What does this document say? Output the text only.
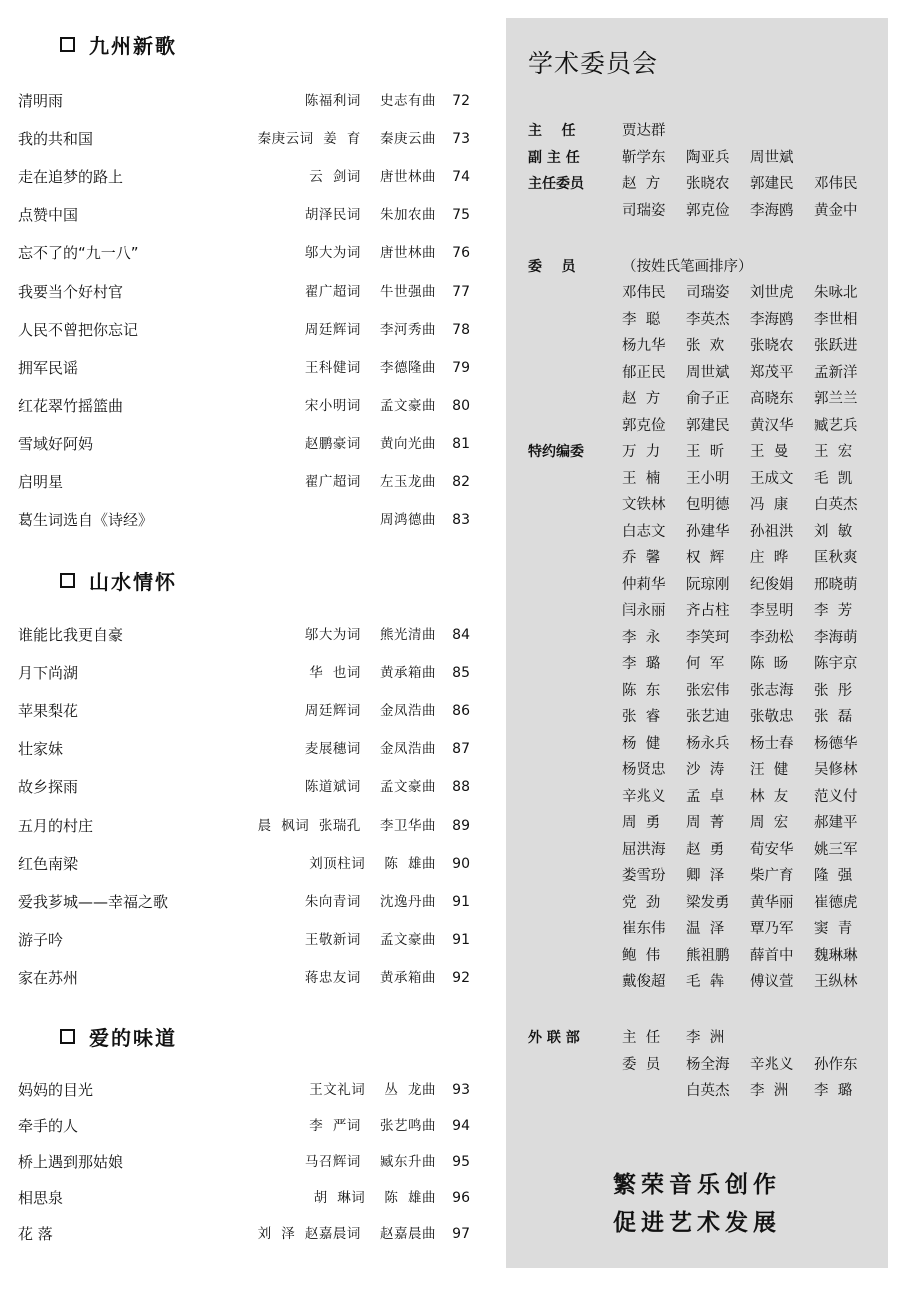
九州新歌
清明雨	陈福利词    史志有曲 72
我的共和国	秦庚云词  姜  育    秦庚云曲 73
走在追梦的路上	云  剑词    唐世林曲 74
点赞中国	胡泽民词    朱加农曲 75
忘不了的“九一八”	邬大为词    唐世林曲 76
我要当个好村官	翟广超词    牛世强曲 77
人民不曾把你忘记	周廷辉词    李河秀曲 78
拥军民谣	王科健词    李德隆曲 79
红花翠竹摇篮曲	宋小明词    孟文豪曲 80
雪域好阿妈	赵鹏豪词    黄向光曲 81
启明星	翟广超词    左玉龙曲 82
葛生词选自《诗经》	周鸿德曲 83
山水情怀
谁能比我更自豪	邬大为词    熊光清曲 84
月下尚湖	华  也词    黄承箱曲 85
苹果梨花	周廷辉词    金凤浩曲 86
壮家妹	麦展穗词    金凤浩曲 87
故乡探雨	陈道斌词    孟文豪曲 88
五月的村庄	晨  枫词  张瑞孔    李卫华曲 89
红色南梁	刘顶柱词    陈  雄曲 90
爱我芗城——幸福之歌	朱向青词    沈逸丹曲 91
游子吟	王敬新词    孟文豪曲 91
家在苏州	蒋忠友词    黄承箱曲 92
爱的味道
妈妈的目光	王文礼词    丛  龙曲 93
牵手的人	李  严词    张艺鸣曲 94
桥上遇到那姑娘	马召辉词    臧东升曲 95
相思泉	胡  琳词    陈  雄曲 96
花 落	刘  泽  赵嘉晨词    赵嘉晨曲 97
学术委员会
繁荣音乐创作
促进艺术发展
主    任	贾达群
副 主 任	靳学东 陶亚兵 周世斌
主任委员	赵  方 张晓农 郭建民 邓伟民
司瑞姿 郭克俭 李海鸥 黄金中
委    员	（按姓氏笔画排序）
邓伟民 司瑞姿 刘世虎 朱咏北
李  聪 李英杰 李海鸥 李世相
杨九华 张  欢 张晓农 张跃进
郁正民 周世斌 郑茂平 孟新洋
赵  方 俞子正 高晓东 郭兰兰
郭克俭 郭建民 黄汉华 臧艺兵
特约编委	万  力 王  昕 王  曼 王  宏
王  楠 王小明 王成文 毛  凯
文铁林 包明德 冯  康 白英杰
白志文 孙建华 孙祖洪 刘  敏
乔  馨 权  辉 庄  晔 匡秋爽
仲莉华 阮琼刚 纪俊娟 邢晓萌
闫永丽 齐占柱 李昱明 李  芳
李  永 李笑珂 李劲松 李海萌
李  璐 何  军 陈  旸 陈宇京
陈  东 张宏伟 张志海 张  彤
张  睿 张艺迪 张敬忠 张  磊
杨  健 杨永兵 杨士春 杨德华
杨贤忠 沙  涛 汪  健 吴修林
辛兆义 孟  卓 林  友 范义付
周  勇 周  菁 周  宏 郝建平
屈洪海 赵  勇 荀安华 姚三军
娄雪玢 卿  泽 柴广育 隆  强
党  劲 梁发勇 黄华丽 崔德虎
崔东伟 温  泽 覃乃军 窦  青
鲍  伟 熊祖鹏 薛首中 魏琳琳
戴俊超 毛  犇 傅议萱 王纵林
外 联 部	主  任 李  洲
委  员 杨全海 辛兆义 孙作东
白英杰 李  洲 李  璐
